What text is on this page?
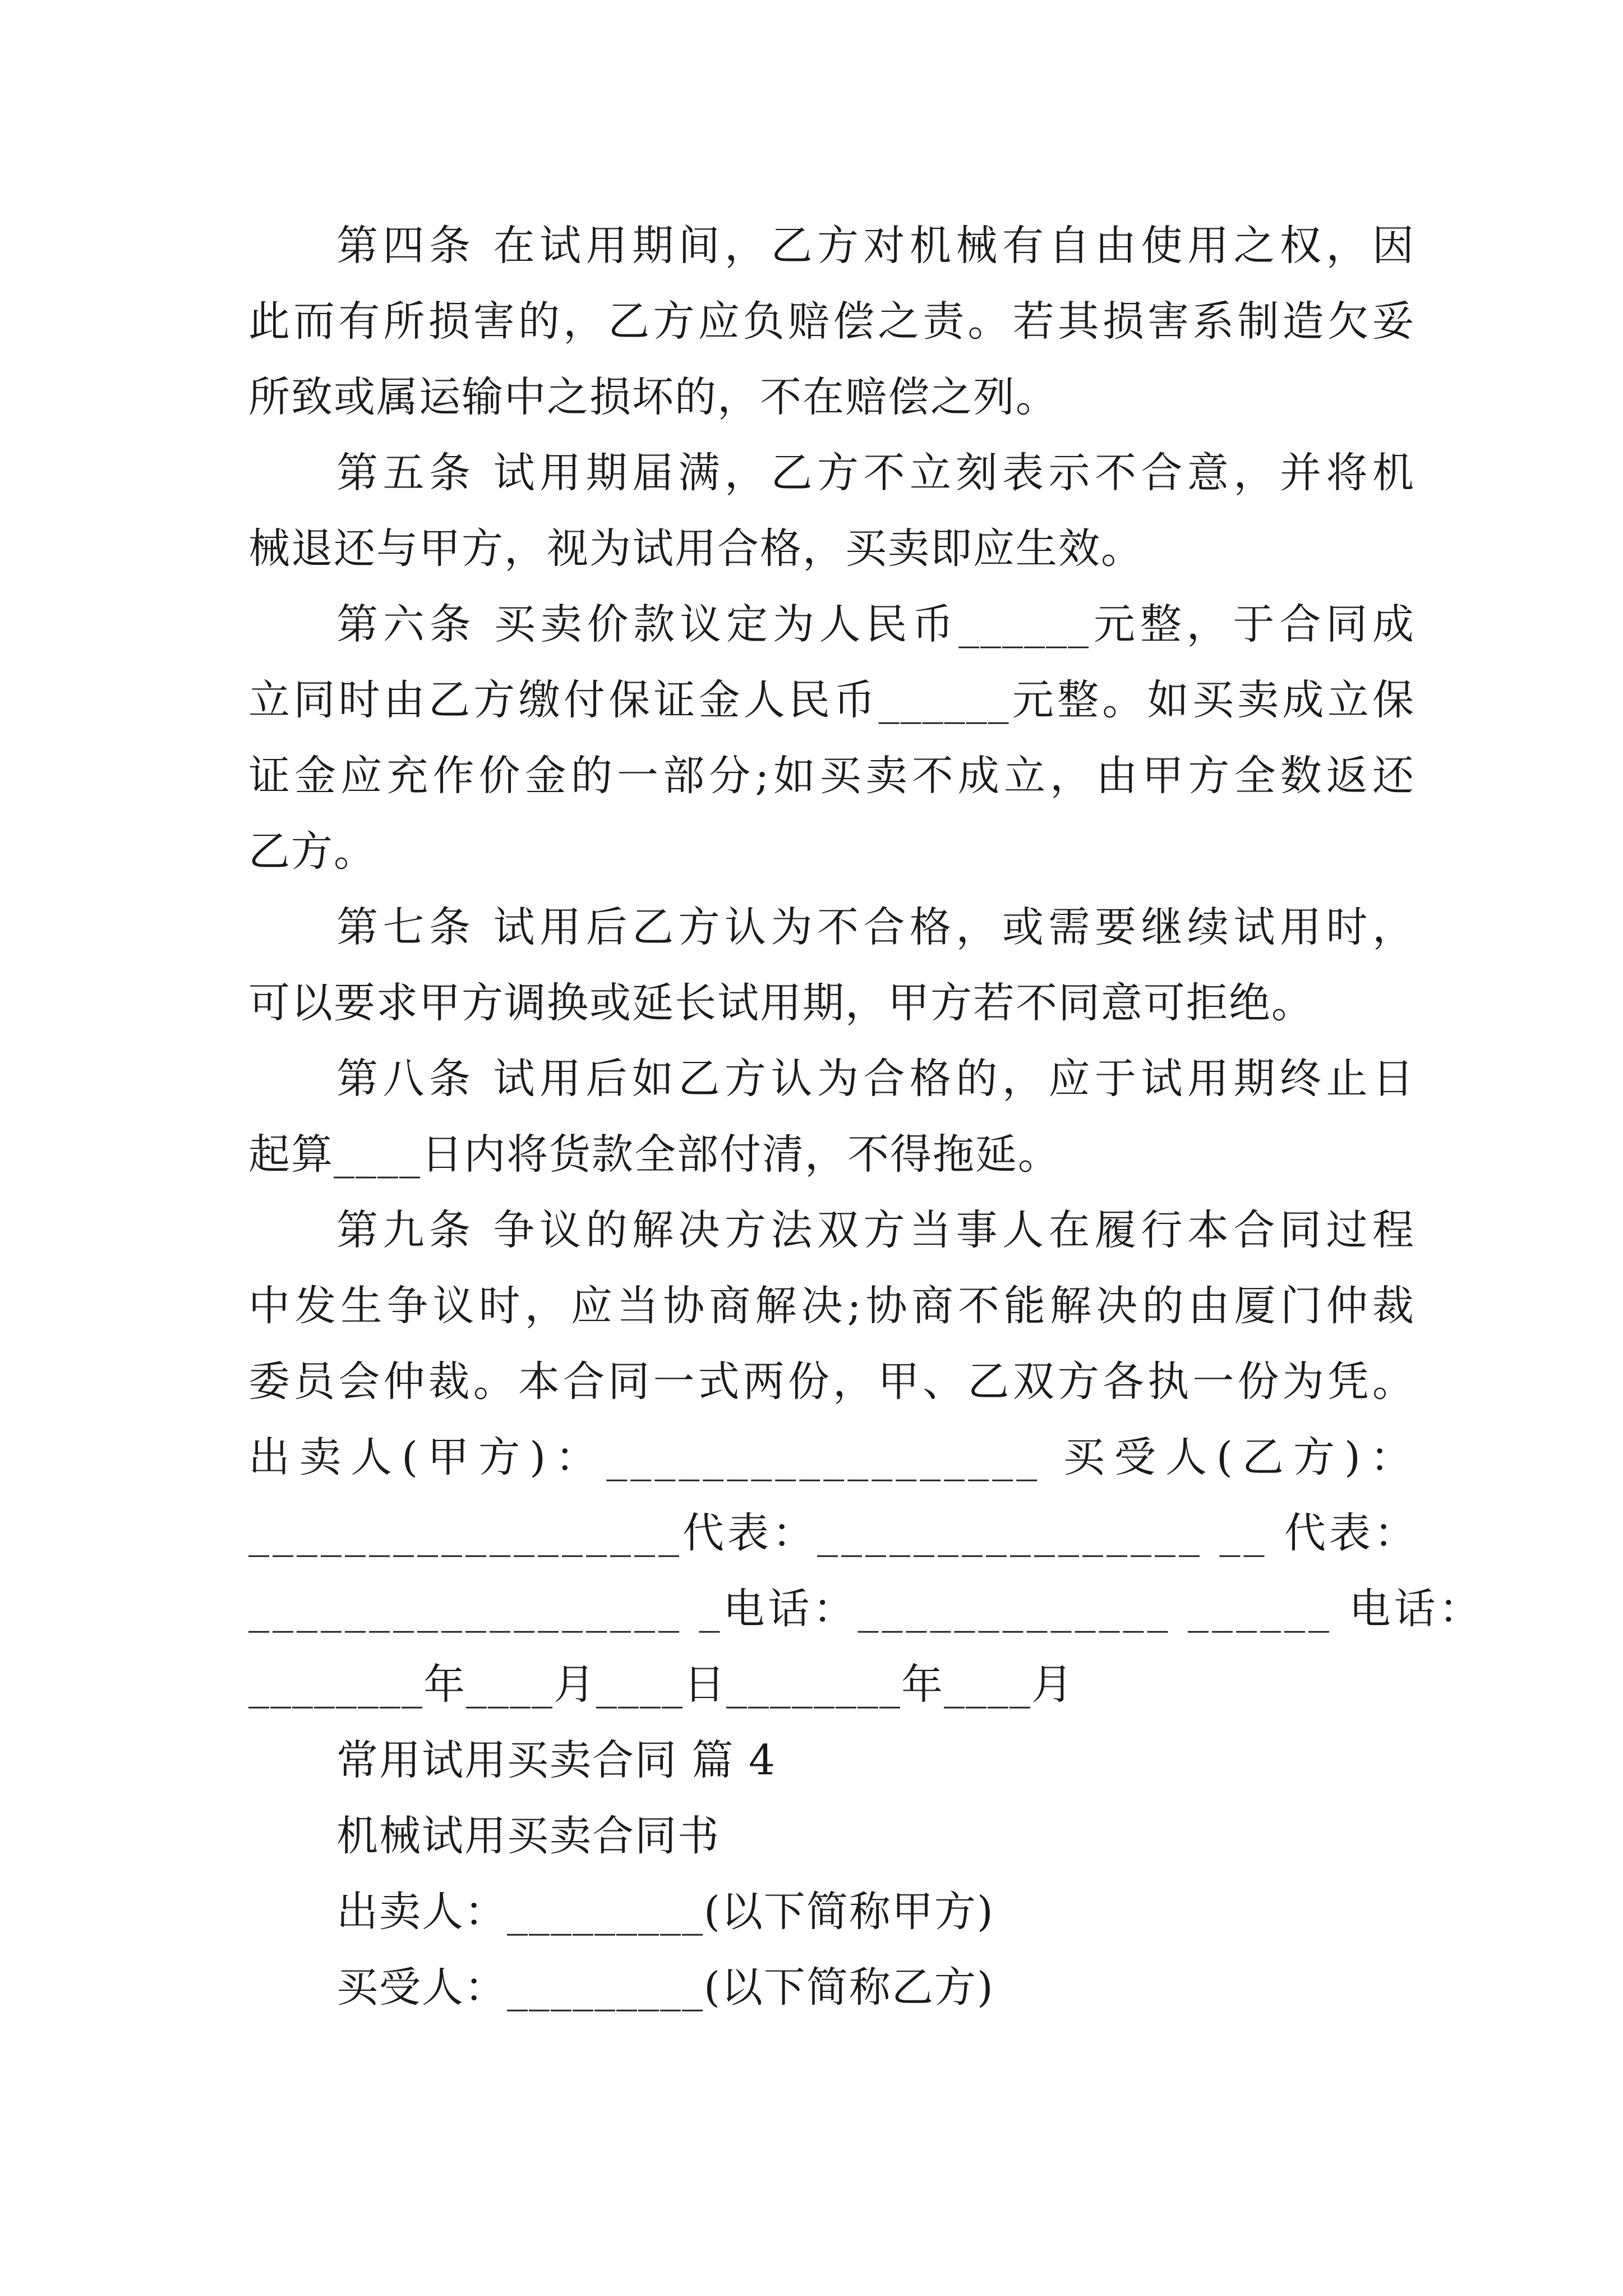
第四条 在试用期间，乙方对机械有自由使用之权，因
此而有所损害的，乙方应负赔偿之责。若其损害系制造欠妥
所致或属运输中之损坏的，不在赔偿之列。
第五条 试用期届满，乙方不立刻表示不合意，并将机
械退还与甲方，视为试用合格，买卖即应生效。
第六条 买卖价款议定为人民币______元整，于合同成
立同时由乙方缴付保证金人民币______元整。如买卖成立保
证金应充作价金的一部分;如买卖不成立，由甲方全数返还
乙方。
第七条 试用后乙方认为不合格，或需要继续试用时，
可以要求甲方调换或延长试用期，甲方若不同意可拒绝。
第八条 试用后如乙方认为合格的，应于试用期终止日
起算____日内将货款全部付清，不得拖延。
第九条 争议的解决方法双方当事人在履行本合同过程
中发生争议时，应当协商解决;协商不能解决的由厦门仲裁
委员会仲裁。本合同一式两份，甲、乙双方各执一份为凭。
出卖人(甲方)：__________________ 买受人(乙方)：
__________________代表：________________ __ 代表：
__________________ _电话：_____________ ______ 电话：
________年____月____日________年____月
常用试用买卖合同 篇 4
机械试用买卖合同书
出卖人：_________(以下简称甲方)
买受人：_________(以下简称乙方)
